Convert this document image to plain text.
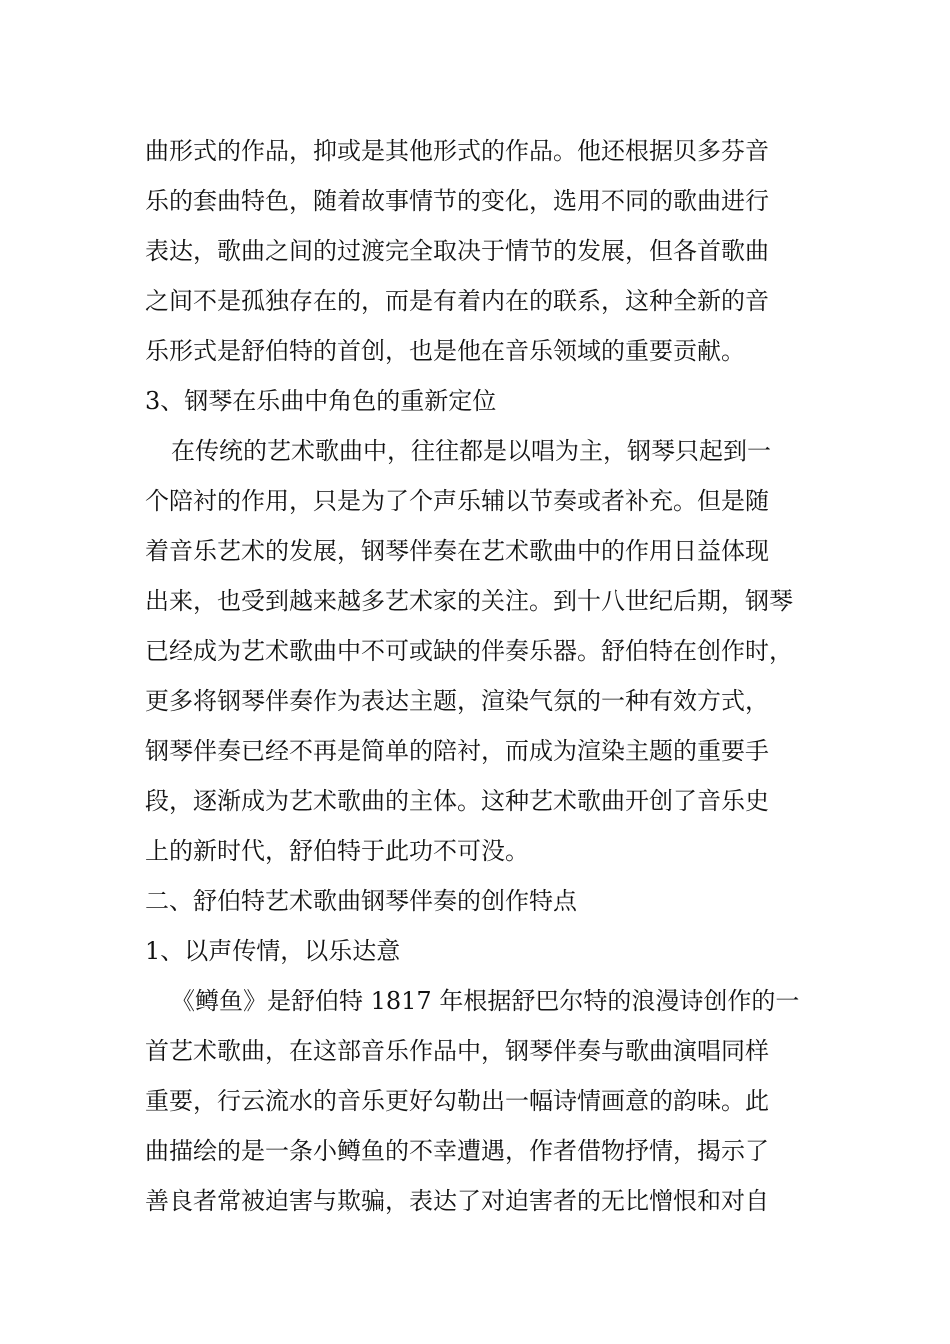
曲形式的作品，抑或是其他形式的作品。他还根据贝多芬音
乐的套曲特色，随着故事情节的变化，选用不同的歌曲进行
表达，歌曲之间的过渡完全取决于情节的发展，但各首歌曲
之间不是孤独存在的，而是有着内在的联系，这种全新的音
乐形式是舒伯特的首创，也是他在音乐领域的重要贡献。
3、钢琴在乐曲中角色的重新定位
在传统的艺术歌曲中，往往都是以唱为主，钢琴只起到一
个陪衬的作用，只是为了个声乐辅以节奏或者补充。但是随
着音乐艺术的发展，钢琴伴奏在艺术歌曲中的作用日益体现
出来，也受到越来越多艺术家的关注。到十八世纪后期，钢琴
已经成为艺术歌曲中不可或缺的伴奏乐器。舒伯特在创作时，
更多将钢琴伴奏作为表达主题，渲染气氛的一种有效方式，
钢琴伴奏已经不再是简单的陪衬，而成为渲染主题的重要手
段，逐渐成为艺术歌曲的主体。这种艺术歌曲开创了音乐史
上的新时代，舒伯特于此功不可没。
二、舒伯特艺术歌曲钢琴伴奏的创作特点
1、以声传情，以乐达意
《鳟鱼》是舒伯特 1817 年根据舒巴尔特的浪漫诗创作的一
首艺术歌曲，在这部音乐作品中，钢琴伴奏与歌曲演唱同样
重要，行云流水的音乐更好勾勒出一幅诗情画意的韵味。此
曲描绘的是一条小鳟鱼的不幸遭遇，作者借物抒情，揭示了
善良者常被迫害与欺骗，表达了对迫害者的无比憎恨和对自
